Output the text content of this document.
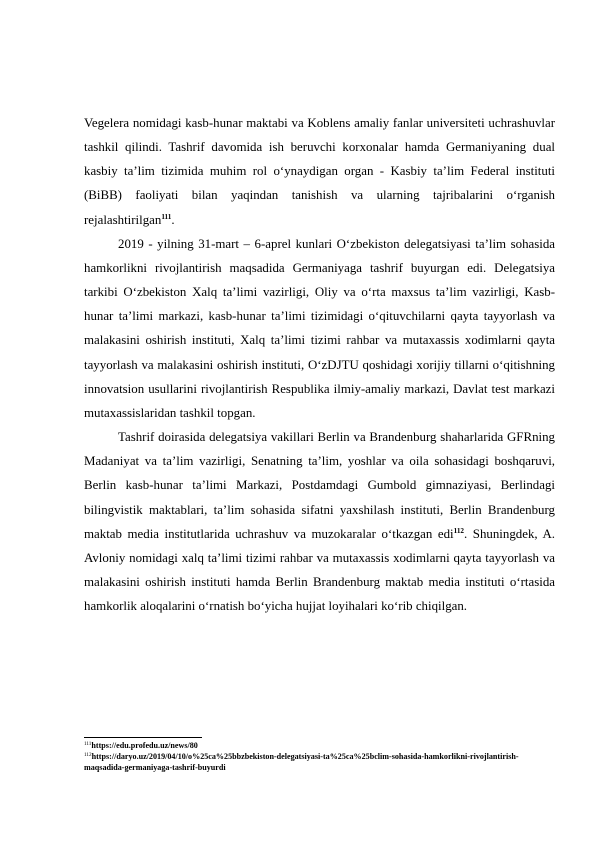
Vegelera nomidagi kasb-hunar maktabi va Koblens amaliy fanlar universiteti uchrashuvlar tashkil qilindi. Tashrif davomida ish beruvchi korxonalar hamda Germaniyaning dual kasbiy ta’lim tizimida muhim rol o‘ynaydigan organ - Kasbiy ta’lim Federal instituti (BiBB) faoliyati bilan yaqindan tanishish va ularning tajribalarini o‘rganish rejalashtirilgan$^{111}$.

2019 - yilning 31-mart – 6-aprel kunlari O‘zbekiston delegatsiyasi ta’lim sohasida hamkorlikni rivojlantirish maqsadida Germaniyaga tashrif buyurgan edi. Delegatsiya tarkibi O‘zbekiston Xalq ta’limi vazirligi, Oliy va o‘rta maxsus ta’lim vazirligi, Kasb-hunar ta’limi markazi, kasb-hunar ta’limi tizimidagi o‘qituvchilarni qayta tayyorlash va malakasini oshirish instituti, Xalq ta’limi tizimi rahbar va mutaxassis xodimlarni qayta tayyorlash va malakasini oshirish instituti, O‘zDJTU qoshidagi xorijiy tillarni o‘qitishning innovatsion usullarini rivojlantirish Respublika ilmiy-amaliy markazi, Davlat test markazi mutaxassislaridan tashkil topgan.

Tashrif doirasida delegatsiya vakillari Berlin va Brandenburg shaharlarida GFRning Madaniyat va ta’lim vazirligi, Senatning ta’lim, yoshlar va oila sohasidagi boshqaruvi, Berlin kasb-hunar ta’limi Markazi, Postdamdagi Gumbold gimnaziyasi, Berlindagi bilingvistik maktablari, ta’lim sohasida sifatni yaxshilash instituti, Berlin Brandenburg maktab media institutlarida uchrashuv va muzokaralar o‘tkazgan edi$^{112}$. Shuningdek, A. Avloniy nomidagi xalq ta’limi tizimi rahbar va mutaxassis xodimlarni qayta tayyorlash va malakasini oshirish instituti hamda Berlin Brandenburg maktab media instituti o‘rtasida hamkorlik aloqalarini o‘rnatish bo‘yicha hujjat loyihalari ko‘rib chiqilgan.

$^{111}$https://edu.profedu.uz/news/80

$^{112}$https://daryo.uz/2019/04/10/o%25ca%25bbzbekiston-delegatsiyasi-ta%25ca%25bclim-sohasida-hamkorlikni-rivojlantirish-maqsadida-germaniyaga-tashrif-buyurdi
